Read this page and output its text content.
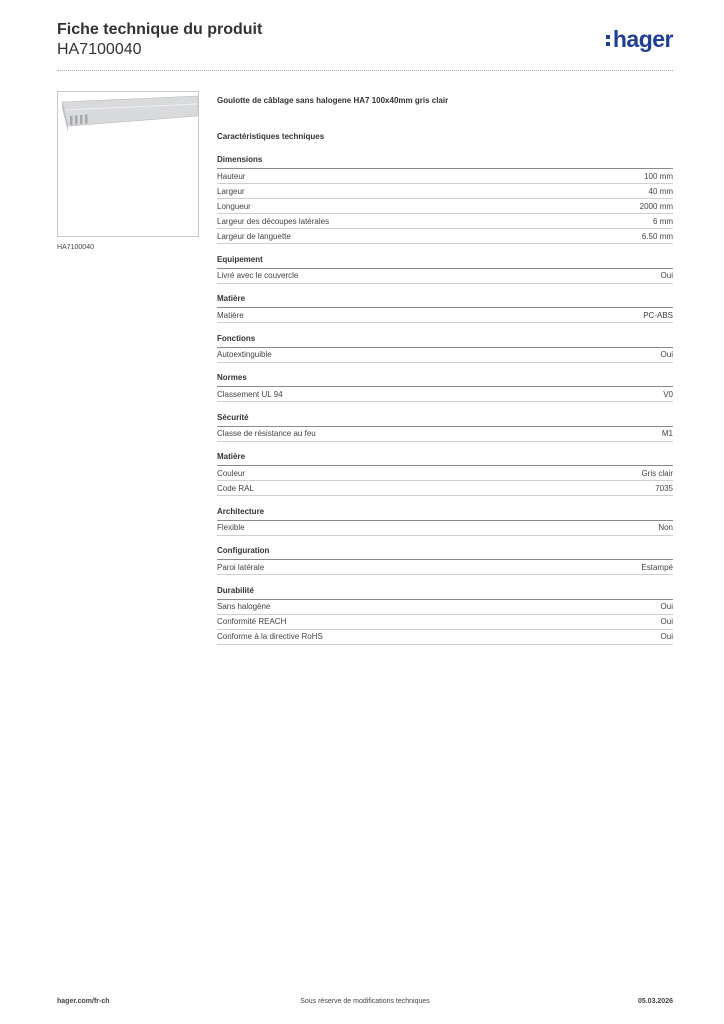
Fiche technique du produit
HA7100040	hager
HA7100040
Goulotte de câblage sans halogene HA7 100x40mm gris clair
Caractéristiques techniques
Dimensions
Hauteur	100 mm
Largeur	40 mm
Longueur	2000 mm
Largeur des découpes latérales	6 mm
Largeur de languette	6.50 mm
Equipement
Livré avec le couvercle	Oui
Matière
Matière	PC-ABS
Fonctions
Autoextinguible	Oui
Normes
Classement UL 94	V0
Sécurité
Classe de résistance au feu	M1
Matière
Couleur	Gris clair
Code RAL	7035
Architecture
Flexible	Non
Configuration
Paroi latérale	Estampé
Durabilité
Sans halogène	Oui
Conformité REACH	Oui
Conforme à la directive RoHS	Oui
hager.com/fr-ch	Sous réserve de modifications techniques	05.03.2026
